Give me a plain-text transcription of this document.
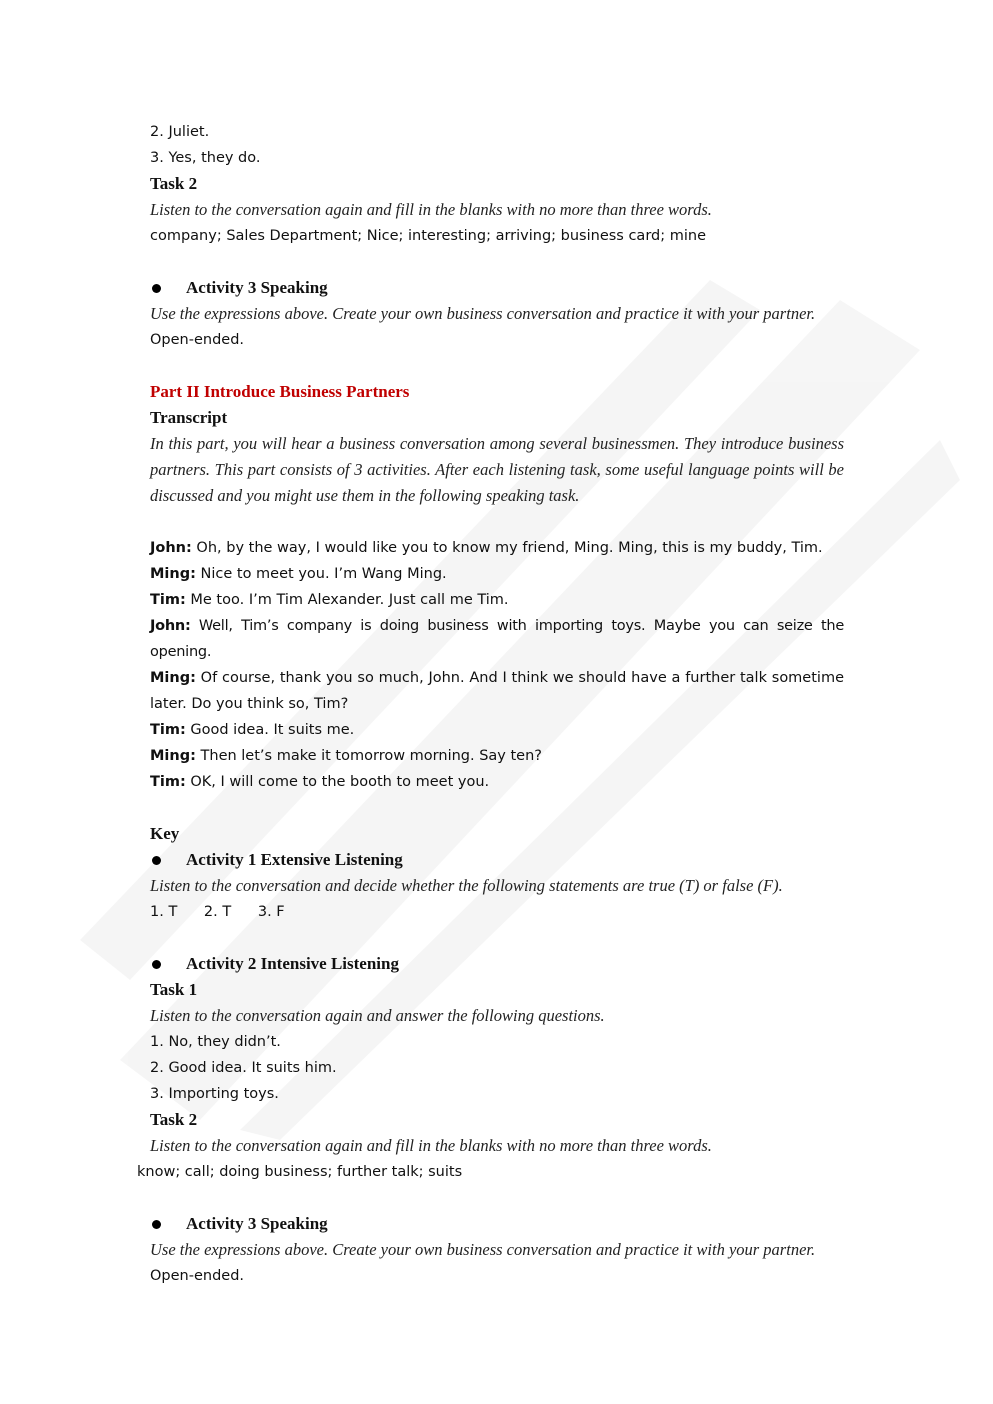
2. Juliet.
3. Yes, they do.
Task 2
Listen to the conversation again and fill in the blanks with no more than three words.
company; Sales Department; Nice; interesting; arriving; business card; mine
Activity 3 Speaking
Use the expressions above. Create your own business conversation and practice it with your partner.
Open-ended.
Part II Introduce Business Partners
Transcript
In this part, you will hear a business conversation among several businessmen. They introduce business partners. This part consists of 3 activities. After each listening task, some useful language points will be discussed and you might use them in the following speaking task.
John: Oh, by the way, I would like you to know my friend, Ming. Ming, this is my buddy, Tim.
Ming: Nice to meet you. I’m Wang Ming.
Tim: Me too. I’m Tim Alexander. Just call me Tim.
John: Well, Tim’s company is doing business with importing toys. Maybe you can seize the opening.
Ming: Of course, thank you so much, John. And I think we should have a further talk sometime later. Do you think so, Tim?
Tim: Good idea. It suits me.
Ming: Then let’s make it tomorrow morning. Say ten?
Tim: OK, I will come to the booth to meet you.
Key
Activity 1 Extensive Listening
Listen to the conversation and decide whether the following statements are true (T) or false (F).
1. T 2. T 3. F
Activity 2 Intensive Listening
Task 1
Listen to the conversation again and answer the following questions.
1. No, they didn’t.
2. Good idea. It suits him.
3. Importing toys.
Task 2
Listen to the conversation again and fill in the blanks with no more than three words.
know; call; doing business; further talk; suits
Activity 3 Speaking
Use the expressions above. Create your own business conversation and practice it with your partner.
Open-ended.
